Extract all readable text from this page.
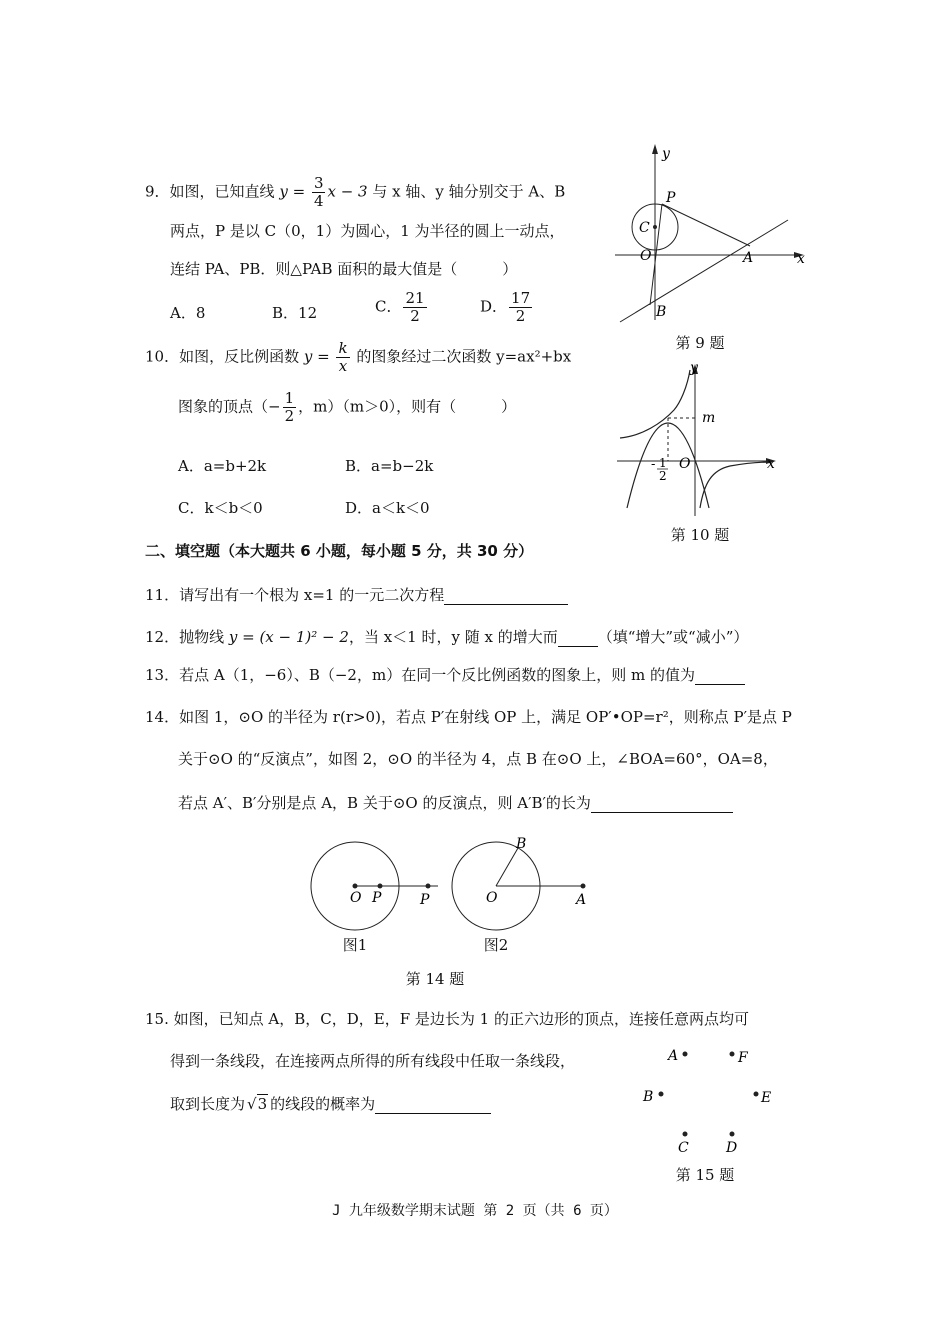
9．如图，已知直线 $y = \frac{3}{4}$ x − 3 与 x 轴、y 轴分别交于 A、B
两点，P 是以 C（0，1）为圆心，1 为半径的圆上一动点，
连结 PA、PB．则△PAB 面积的最大值是（　　　）
A．8	B．12	C． $\frac{21}{2}$	D． $\frac{17}{2}$
y
x
P
C
O	A
B
第 9 题
10．如图，反比例函数 $y = \frac{k}{x}$ 的图象经过二次函数 y=ax²+bx
图象的顶点（− $\frac{1}{2}$ ，m）（m＞0），则有（　　　）
A．a=b+2k	B．a=b−2k
C．k＜b＜0	D．a＜k＜0
y
x
m
O
- 1
2
第 10 题
二、填空题（本大题共 6 小题，每小题 5 分，共 30 分）
11．请写出有一个根为 x=1 的一元二次方程
12．抛物线 y = (x − 1)² − 2，当 x＜1 时，y 随 x 的增大而	（填“增大”或“减小”）
13．若点 A（1，−6）、B（−2，m）在同一个反比例函数的图象上，则 m 的值为
14．如图 1，⊙O 的半径为 r(r>0)，若点 P′在射线 OP 上，满足 OP′•OP=r²，则称点 P′是点 P
关于⊙O 的“反演点”，如图 2，⊙O 的半径为 4，点 B 在⊙O 上，∠BOA=60°，OA=8，
若点 A′、B′分别是点 A，B 关于⊙O 的反演点，则 A′B′的长为
O P	P	O	A
B
图1	图2
第 14 题
15. 如图，已知点 A，B，C，D，E，F 是边长为 1 的正六边形的顶点，连接任意两点均可
得到一条线段，在连接两点所得的所有线段中任取一条线段，
取到长度为 √3 的线段的概率为
A	F
B	E
C	D
第 15 题
J 九年级数学期末试题 第 2 页（共 6 页）
